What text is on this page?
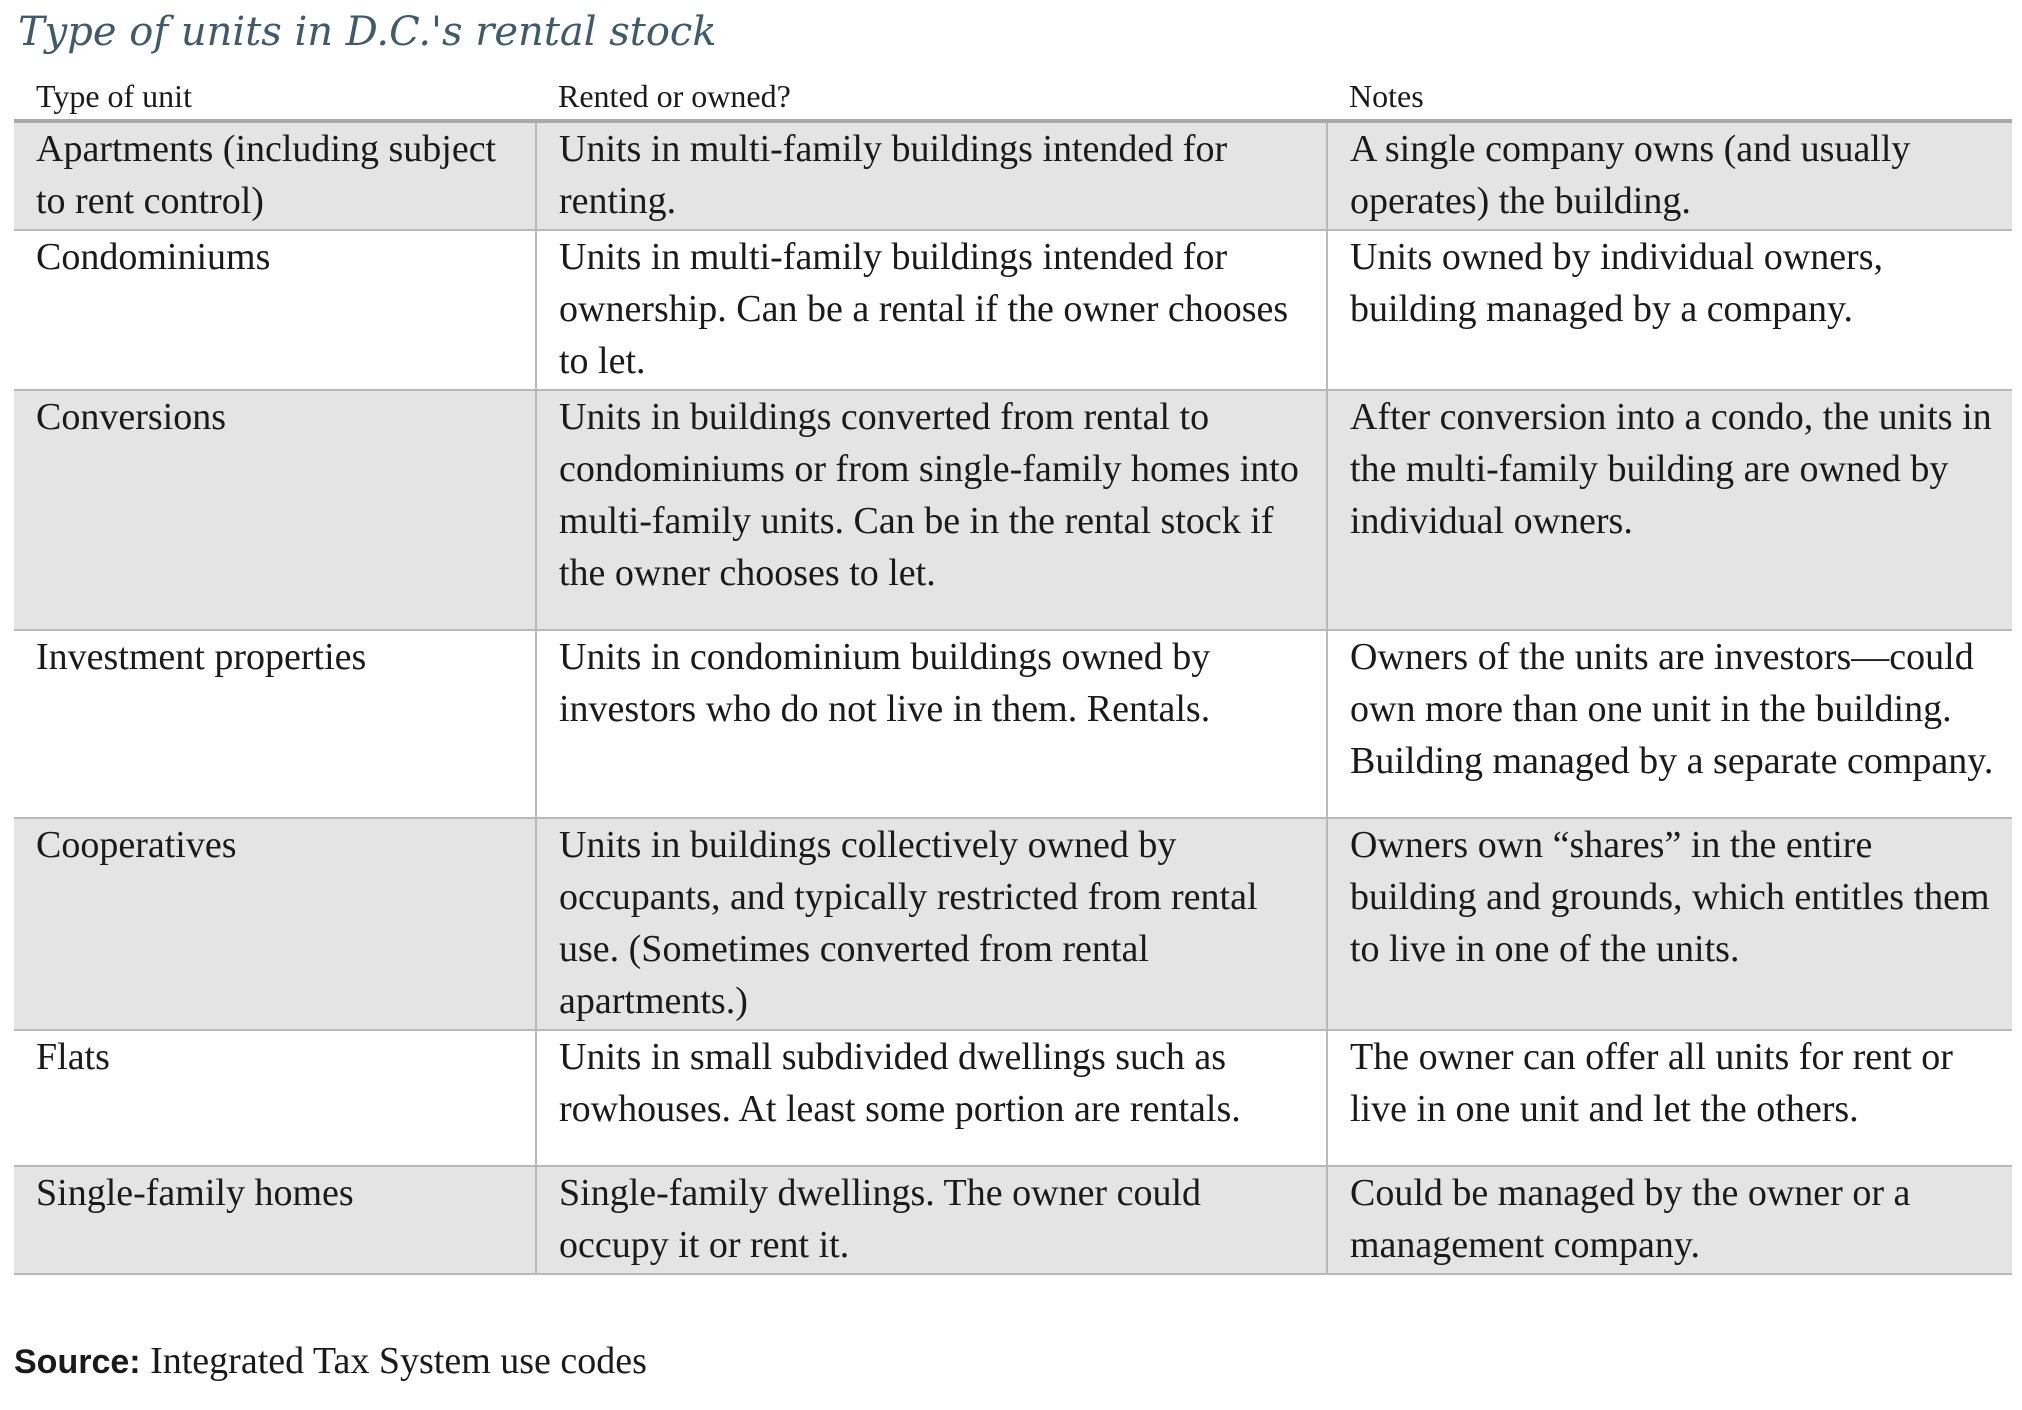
Type of units in D.C.'s rental stock
Type of unit	Rented or owned?	Notes
Apartments (including subject to rent control)	Units in multi-family buildings intended for renting.	A single company owns (and usually operates) the building.
Condominiums	Units in multi-family buildings intended for ownership. Can be a rental if the owner chooses to let.	Units owned by individual owners, building managed by a company.
Conversions	Units in buildings converted from rental to condominiums or from single-family homes into multi-family units. Can be in the rental stock if the owner chooses to let.	After conversion into a condo, the units in the multi-family building are owned by individual owners.
Investment properties	Units in condominium buildings owned by investors who do not live in them. Rentals.	Owners of the units are investors—could own more than one unit in the building. Building managed by a separate company.
Cooperatives	Units in buildings collectively owned by occupants, and typically restricted from rental use. (Sometimes converted from rental apartments.)	Owners own “shares” in the entire building and grounds, which entitles them to live in one of the units.
Flats	Units in small subdivided dwellings such as rowhouses. At least some portion are rentals.	The owner can offer all units for rent or live in one unit and let the others.
Single-family homes	Single-family dwellings. The owner could occupy it or rent it.	Could be managed by the owner or a management company.
Source: Integrated Tax System use codes
